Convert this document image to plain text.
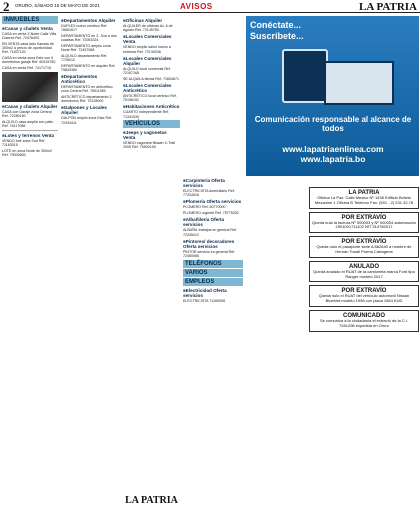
2 ORURO, SÁBADO 15 DE MAYO DE 2021	AVISOS	LA PATRIA
INMUEBLES
■ Casas y chalets Venta
CASA en venta Z.Norte Calle Villa Dolores Ref. 72476493
EN VENTA casa lado Kansas de 300m2 a precio de oportunidad Ref. 71837120
CASA en venta zona Este con 5 dormitorios garaje Ref. 60315750
CASA en venta Ref. 74171715
■ Casas y chalets Alquiler
CASA con Garaje zona Central Ref. 72280150
ALQUILO casa amplia con patio Ref. 76117086
■ Lotes y terrenos Venta
VENDO lote zona Sud Ref. 71163015
LOTE en zona Norte de 300m2 Ref. 79000600
■ Departamentos Alquiler
DUPLEX nuevo centrico Ref. 76651617
DEPARTAMENTO en Z. Sud a dos cuadras Ref. 72081024
DEPARTAMENTO amplio zona Norte Ref. 72457068
ALQUILO departamento Ref. 7726012
DEPARTAMENTO en alquiler Ref. 79843360
■ Departamentos Anticrético
DEPARTAMENTO en anticrético zona Central Ref. 76511550
ANTICRÉTICO departamento 3 dormitorios Ref. 70128000
■ Galpones y Locales Alquiler
GALPÓN amplio zona Este Ref. 72434411
■ Oficinas Alquiler
ALQUILER de oficinas Av. 6 de Agosto Ref. 72145750
■ Locales Comerciales Venta
VENDO amplio salón nuevo a estrenar Ref. 73740038
■ Locales Comerciales Alquiler
ALQUILO local comercial Ref. 72167165
SE ALQUILA tienda Ref. 71604671
■ Locales Comerciales Anticrético
ANTICRÉTICO local centrico Ref. 70156151
■ Habitaciones Anticrético
CUARTO independiente Ref. 71341030
VEHÍCULOS
■ Jeeps y vagonetas Venta
VENDO vagoneta Nissan X-Trail 2005 Ref. 74500145
LA PATRIA
■ Carpintería Oferta servicios
ELECTRICISTA domiciliario Ref. 77334516
■ Plomería Oferta servicios
PLOMERO Ref. 60770000
PLOMERO urgente Ref. 75775252
■ Albañilería Oferta servicios
ALBAÑIL trabajos en general Ref. 72345412
■ Pintores/ decoradores Oferta servicios
PINTOR servicio en general Ref. 72460066
TELÉFONOS
VARIOS
EMPLEOS
■ Electricidad Oferta servicios
ELECTRICISTA 71169008
Conéctate...
Suscríbete...
Comunicación responsable al alcance de todos
www.lapatriaenlinea.com www.lapatria.bo
LA PATRIA
Oficina La Paz. Calle Mexico Nº 1438 Edificio Bolivia Mezanine 1 Oficina B Telefono Fax: (591 - 2) 231.32.78
POR EXTRAVÍO
Queda nula la factura Nº 000003 y Nº 000004 autorización 2901001711102 NIT 310783017
POR EXTRAVÍO
Queda nulo el pasaporte serie A 882640 a nombre de Hernán Tonali Porma Cartagena
ANULADO
Queda anulado el RUAT de la camioneta marca Ford tipo Ranger modelo 2017
POR EXTRAVÍO
Queda nulo el RUAT del vehículo automovil Nissan Bluebird modelo 1998 con placa 1564 KUD
COMUNICADO
Se comunica a la ciudadanía el extravío de la C.I. 7281298 expedida en Oruro
